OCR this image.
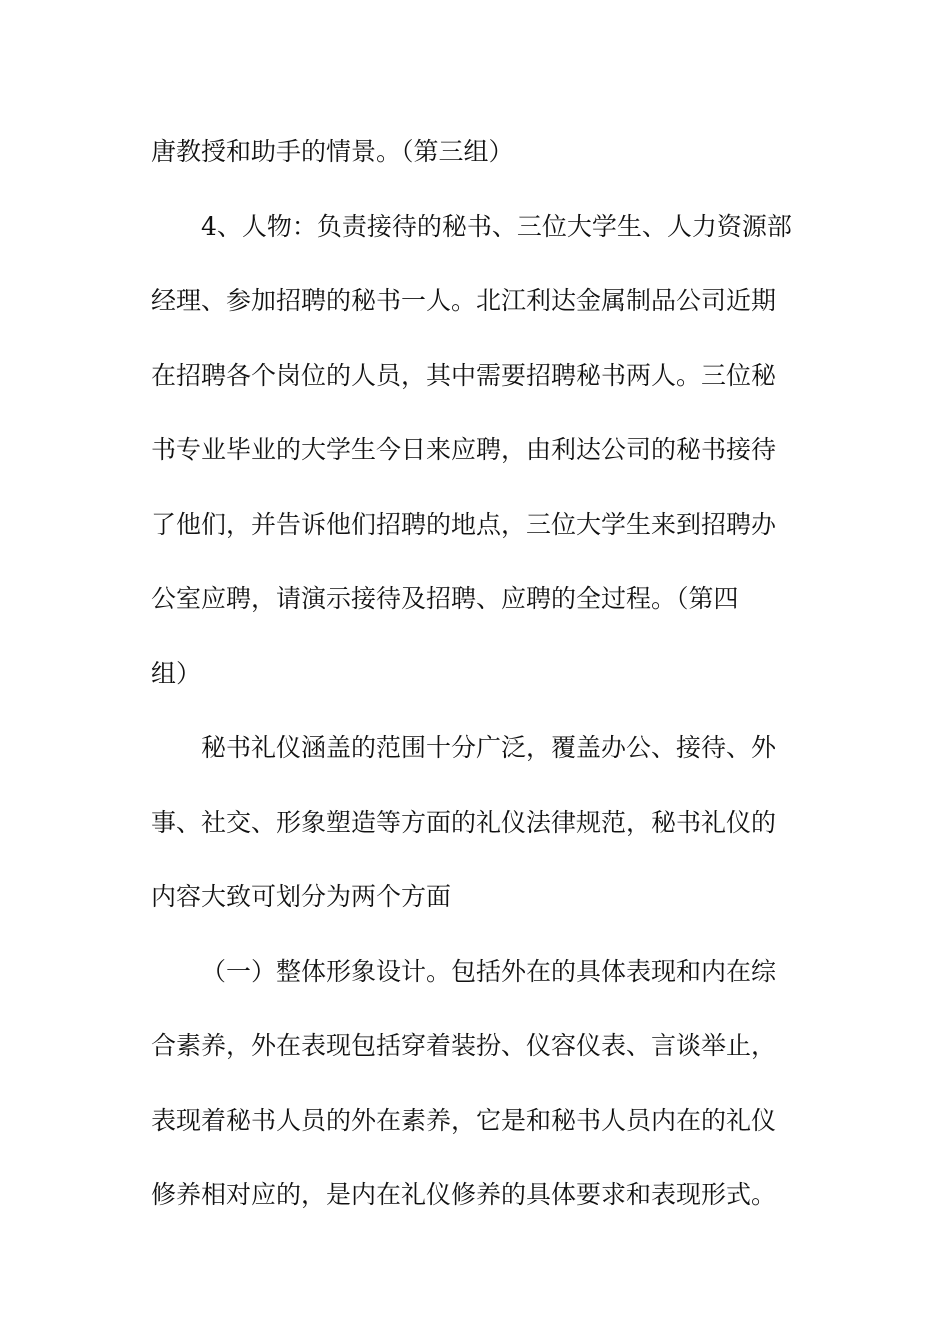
唐教授和助手的情景。（第三组）
4、人物：负责接待的秘书、三位大学生、人力资源部
经理、参加招聘的秘书一人。北江利达金属制品公司近期
在招聘各个岗位的人员，其中需要招聘秘书两人。三位秘
书专业毕业的大学生今日来应聘，由利达公司的秘书接待
了他们，并告诉他们招聘的地点，三位大学生来到招聘办
公室应聘，请演示接待及招聘、应聘的全过程。（第四
组）
秘书礼仪涵盖的范围十分广泛，覆盖办公、接待、外
事、社交、形象塑造等方面的礼仪法律规范，秘书礼仪的
内容大致可划分为两个方面
（一）整体形象设计。包括外在的具体表现和内在综
合素养，外在表现包括穿着装扮、仪容仪表、言谈举止，
表现着秘书人员的外在素养，它是和秘书人员内在的礼仪
修养相对应的，是内在礼仪修养的具体要求和表现形式。
